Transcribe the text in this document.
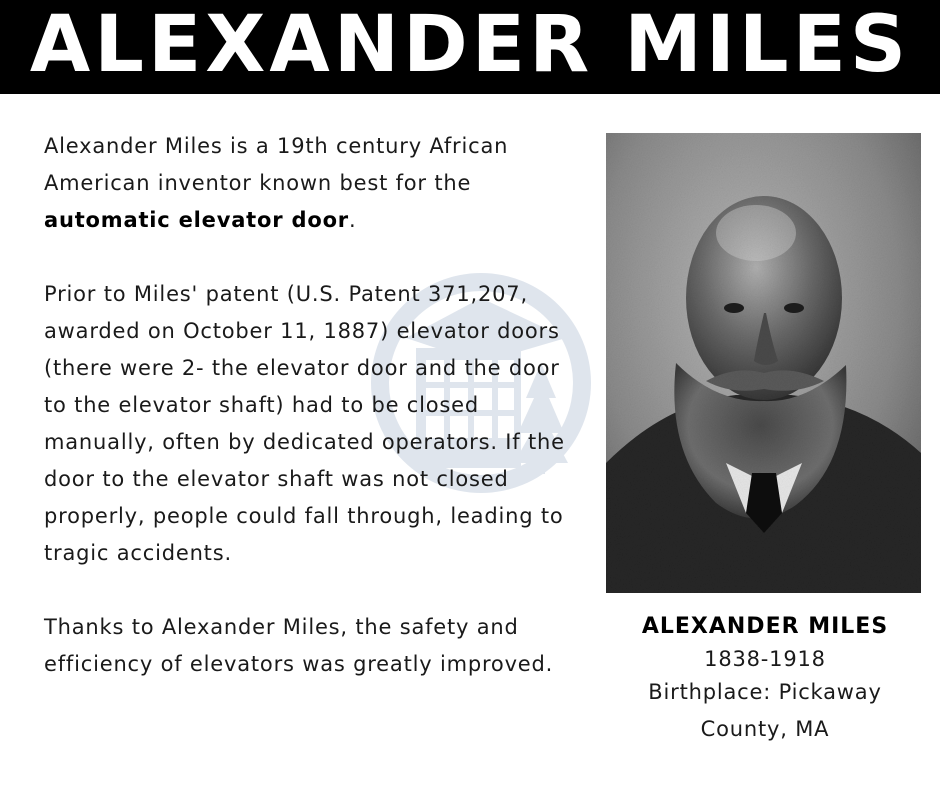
ALEXANDER MILES

Alexander Miles is a 19th century African American inventor known best for the automatic elevator door.

Prior to Miles' patent (U.S. Patent 371,207, awarded on October 11, 1887) elevator doors (there were 2- the elevator door and the door to the elevator shaft) had to be closed manually, often by dedicated operators. If the door to the elevator shaft was not closed properly, people could fall through, leading to tragic accidents.

Thanks to Alexander Miles, the safety and efficiency of elevators was greatly improved.

ALEXANDER MILES
1838-1918
Birthplace: Pickaway
County, MA
